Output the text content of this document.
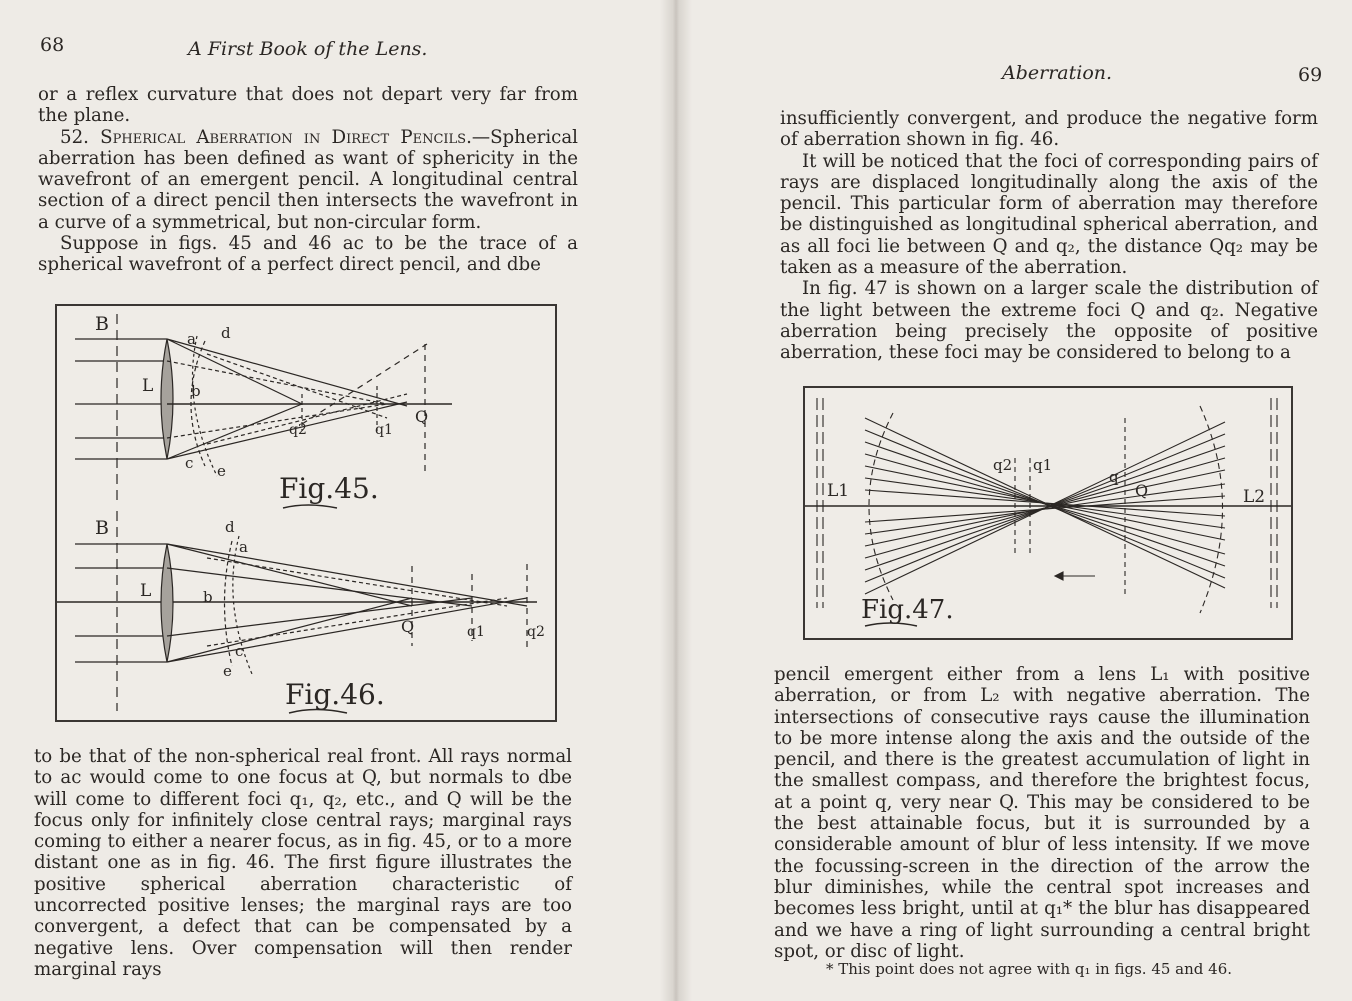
68	A First Book of the Lens.

or a reflex curvature that does not depart very far from the plane.

52. Spherical Aberration in Direct Pencils.—Spherical aberration has been defined as want of sphericity in the wavefront of an emergent pencil. A longitudinal central section of a direct pencil then intersects the wavefront in a curve of a symmetrical, but non-circular form.

Suppose in figs. 45 and 46 ac to be the trace of a spherical wavefront of a perfect direct pencil, and dbe

B
L
a d
b
c e
q2	q1
Q
Fig.45.
B
L
d
a
b
c
e
Q	q1	q2
Fig.46.

to be that of the non-spherical real front. All rays normal to ac would come to one focus at Q, but normals to dbe will come to different foci q₁, q₂, etc., and Q will be the focus only for infinitely close central rays; marginal rays coming to either a nearer focus, as in fig. 45, or to a more distant one as in fig. 46. The first figure illustrates the positive spherical aberration characteristic of uncorrected positive lenses; the marginal rays are too convergent, a defect that can be compensated by a negative lens. Over compensation will then render marginal rays

Aberration.	69

insufficiently convergent, and produce the negative form of aberration shown in fig. 46.

It will be noticed that the foci of corresponding pairs of rays are displaced longitudinally along the axis of the pencil. This particular form of aberration may therefore be distinguished as longitudinal spherical aberration, and as all foci lie between Q and q₂, the distance Qq₂ may be taken as a measure of the aberration.

In fig. 47 is shown on a larger scale the distribution of the light between the extreme foci Q and q₂. Negative aberration being precisely the opposite of positive aberration, these foci may be considered to belong to a

q2 q1
q
Q
L1	L2
Fig.47.

pencil emergent either from a lens L₁ with positive aberration, or from L₂ with negative aberration. The intersections of consecutive rays cause the illumination to be more intense along the axis and the outside of the pencil, and there is the greatest accumulation of light in the smallest compass, and therefore the brightest focus, at a point q, very near Q. This may be considered to be the best attainable focus, but it is surrounded by a considerable amount of blur of less intensity. If we move the focussing-screen in the direction of the arrow the blur diminishes, while the central spot increases and becomes less bright, until at q₁* the blur has disappeared and we have a ring of light surrounding a central bright spot, or disc of light.

* This point does not agree with q₁ in figs. 45 and 46.
